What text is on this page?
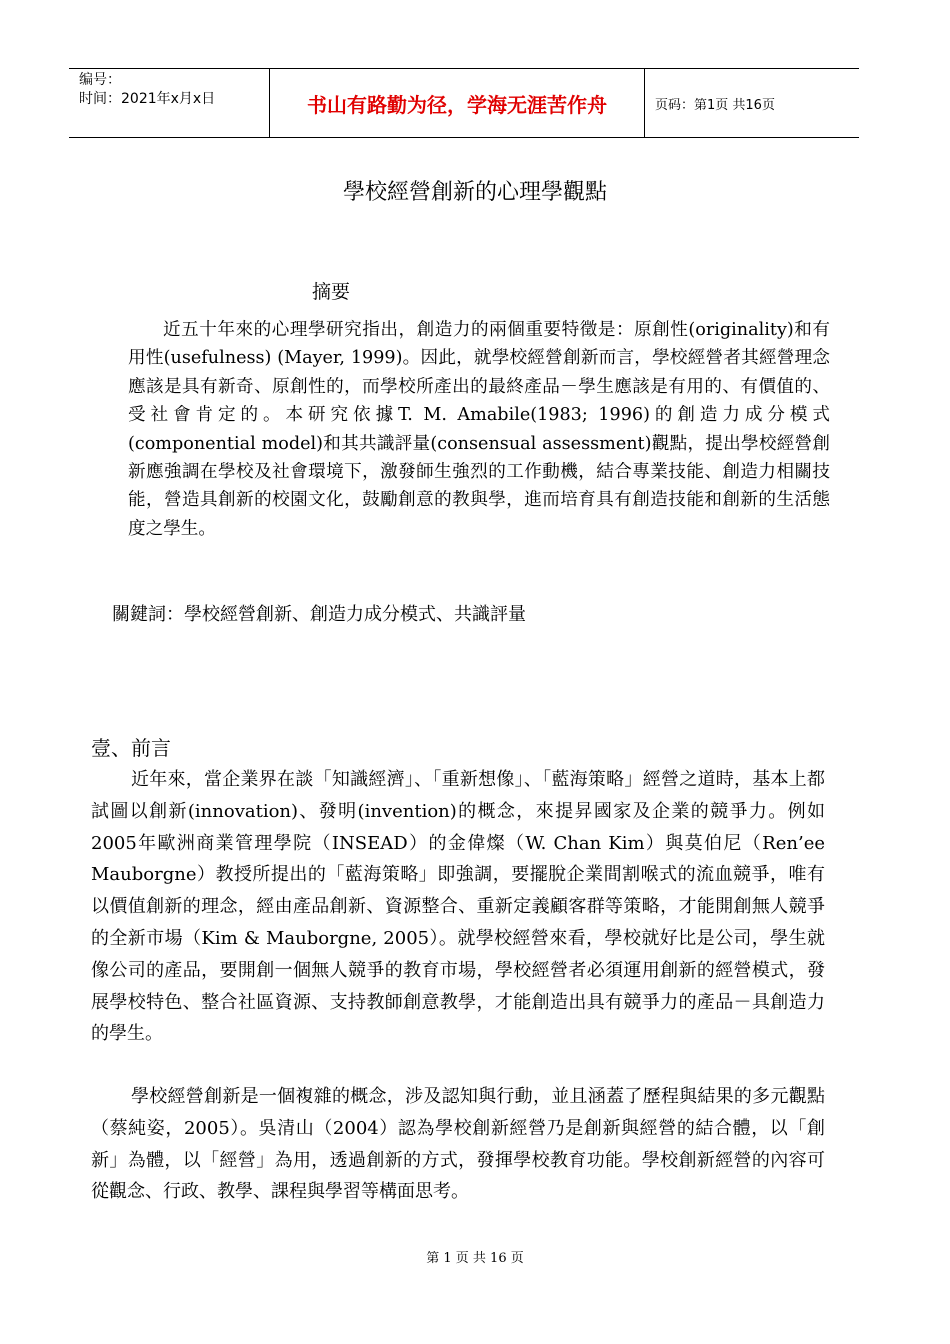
编号：
时间：2021年x月x日	书山有路勤为径，学海无涯苦作舟	页码：第1页 共16页
學校經營創新的心理學觀點
摘要
近五十年來的心理學研究指出，創造力的兩個重要特徵是：原創性(originality)和有用性(usefulness) (Mayer, 1999)。因此，就學校經營創新而言，學校經營者其經營理念應該是具有新奇、原創性的，而學校所產出的最終產品－學生應該是有用的、有價值的、受社會肯定的。本研究依據T. M. Amabile(1983; 1996)的創造力成分模式(componential model)和其共識評量(consensual assessment)觀點，提出學校經營創新應強調在學校及社會環境下，激發師生強烈的工作動機，結合專業技能、創造力相關技能，營造具創新的校園文化，鼓勵創意的教與學，進而培育具有創造技能和創新的生活態度之學生。
關鍵詞：學校經營創新、創造力成分模式、共識評量
壹、前言

近年來，當企業界在談「知識經濟」、「重新想像」、「藍海策略」經營之道時，基本上都試圖以創新(innovation)、發明(invention)的概念，來提昇國家及企業的競爭力。例如2005年歐洲商業管理學院（INSEAD）的金偉燦（W. Chan Kim）與莫伯尼（Ren’ee Mauborgne）教授所提出的「藍海策略」即強調，要擺脫企業間割喉式的流血競爭，唯有以價值創新的理念，經由產品創新、資源整合、重新定義顧客群等策略，才能開創無人競爭的全新市場（Kim & Mauborgne, 2005）。就學校經營來看，學校就好比是公司，學生就像公司的產品，要開創一個無人競爭的教育市場，學校經營者必須運用創新的經營模式，發展學校特色、整合社區資源、支持教師創意教學，才能創造出具有競爭力的產品－具創造力的學生。

學校經營創新是一個複雜的概念，涉及認知與行動，並且涵蓋了歷程與結果的多元觀點（蔡純姿，2005）。吳清山（2004）認為學校創新經營乃是創新與經營的結合體，以「創新」為體，以「經營」為用，透過創新的方式，發揮學校教育功能。學校創新經營的內容可從觀念、行政、教學、課程與學習等構面思考。

第 1 页 共 16 页
